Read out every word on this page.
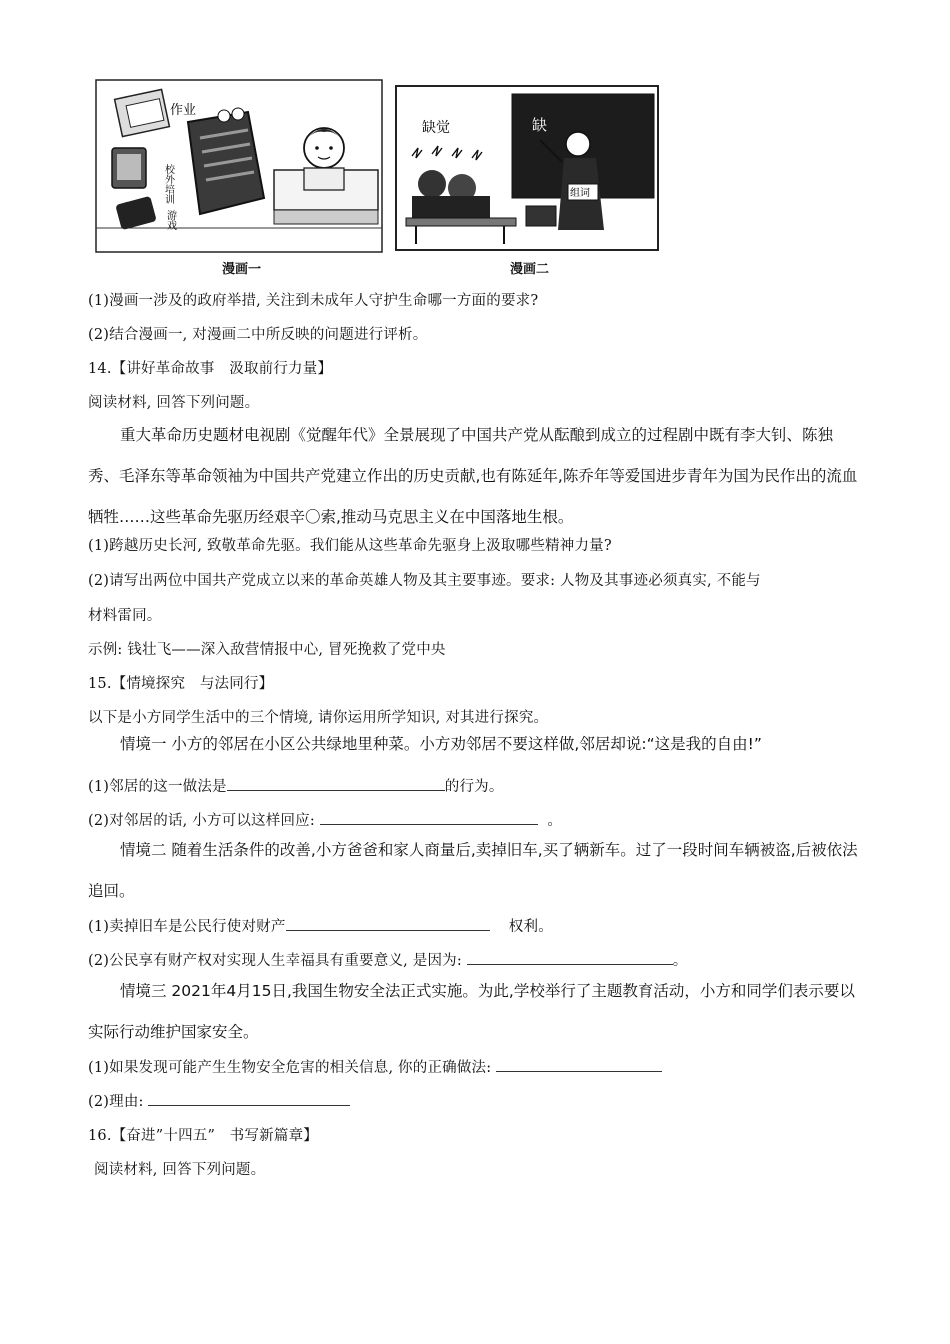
作业
校外培训
游戏
漫画一
缺
缺觉
组词
漫画二
(1)漫画一涉及的政府举措, 关注到未成年人守护生命哪一方面的要求?
(2)结合漫画一, 对漫画二中所反映的问题进行评析。
14.【讲好革命故事　汲取前行力量】
阅读材料, 回答下列问题。
重大革命历史题材电视剧《觉醒年代》全景展现了中国共产党从酝酿到成立的过程剧中既有李大钊、陈独秀、毛泽东等革命领袖为中国共产党建立作出的历史贡献,也有陈延年,陈乔年等爱国进步青年为国为民作出的流血牺牲……这些革命先驱历经艰辛〇索,推动马克思主义在中国落地生根。
(1)跨越历史长河, 致敬革命先驱。我们能从这些革命先驱身上汲取哪些精神力量?
(2)请写出两位中国共产党成立以来的革命英雄人物及其主要事迹。要求: 人物及其事迹必须真实, 不能与
材料雷同。
示例: 钱壮飞——深入敌营情报中心, 冒死挽救了党中央
15.【情境探究　与法同行】
以下是小方同学生活中的三个情境, 请你运用所学知识, 对其进行探究。
情境一 小方的邻居在小区公共绿地里种菜。小方劝邻居不要这样做,邻居却说:“这是我的自由!”
(1)邻居的这一做法是	的行为。
(2)对邻居的话, 小方可以这样回应:	。
情境二 随着生活条件的改善,小方爸爸和家人商量后,卖掉旧车,买了辆新车。过了一段时间车辆被盗,后被依法追回。
(1)卖掉旧车是公民行使对财产	权利。
(2)公民享有财产权对实现人生幸福具有重要意义, 是因为:	。
情境三 2021年4月15日,我国生物安全法正式实施。为此,学校举行了主题教育活动，小方和同学们表示要以实际行动维护国家安全。
(1)如果发现可能产生生物安全危害的相关信息, 你的正确做法:
(2)理由:
16.【奋进”十四五”　书写新篇章】
阅读材料, 回答下列问题。
